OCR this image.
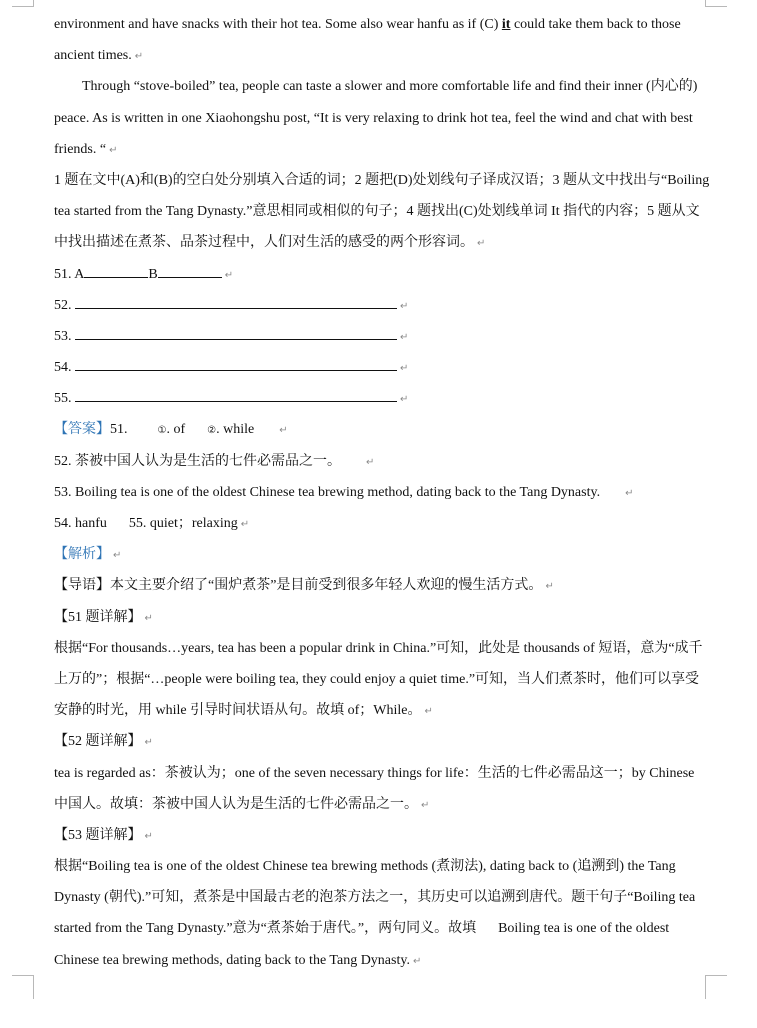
environment and have snacks with their hot tea. Some also wear hanfu as if (C) it could take them back to those
ancient times. ↵
Through “stove-boiled” tea, people can taste a slower and more comfortable life and find their inner (内心的)
peace. As is written in one Xiaohongshu post, “It is very relaxing to drink hot tea, feel the wind and chat with best
friends. “ ↵
1 题在文中(A)和(B)的空白处分别填入合适的词；2 题把(D)处划线句子译成汉语；3 题从文中找出与“Boiling
tea started from the Tang Dynasty.”意思相同或相似的句子；4 题找出(C)处划线单词 It 指代的内容；5 题从文
中找出描述在煮茶、品茶过程中，人们对生活的感受的两个形容词。 ↵
51. A	B	↵
52.	↵
53.	↵
54.	↵
55.	↵
【答案】51.	①. of ②. while	↵
52. 茶被中国人认为是生活的七件必需品之一。	↵
53. Boiling tea is one of the oldest Chinese tea brewing method, dating back to the Tang Dynasty.	↵
54. hanfu 55. quiet；relaxing ↵
【解析】 ↵
【导语】本文主要介绍了“围炉煮茶”是目前受到很多年轻人欢迎的慢生活方式。 ↵
【51 题详解】 ↵
根据“For thousands…years, tea has been a popular drink in China.”可知，此处是 thousands of 短语，意为“成千
上万的”；根据“…people were boiling tea, they could enjoy a quiet time.”可知，当人们煮茶时，他们可以享受
安静的时光，用 while 引导时间状语从句。故填 of；While。 ↵
【52 题详解】 ↵
tea is regarded as：茶被认为；one of the seven necessary things for life：生活的七件必需品这一；by Chinese
中国人。故填：茶被中国人认为是生活的七件必需品之一。 ↵
【53 题详解】 ↵
根据“Boiling tea is one of the oldest Chinese tea brewing methods (煮沏法), dating back to (追溯到) the Tang
Dynasty (朝代).”可知，煮茶是中国最古老的泡茶方法之一，其历史可以追溯到唐代。题干句子“Boiling tea
started from the Tang Dynasty.”意为“煮茶始于唐代。”，两句同义。故填 Boiling tea is one of the oldest
Chinese tea brewing methods, dating back to the Tang Dynasty. ↵
